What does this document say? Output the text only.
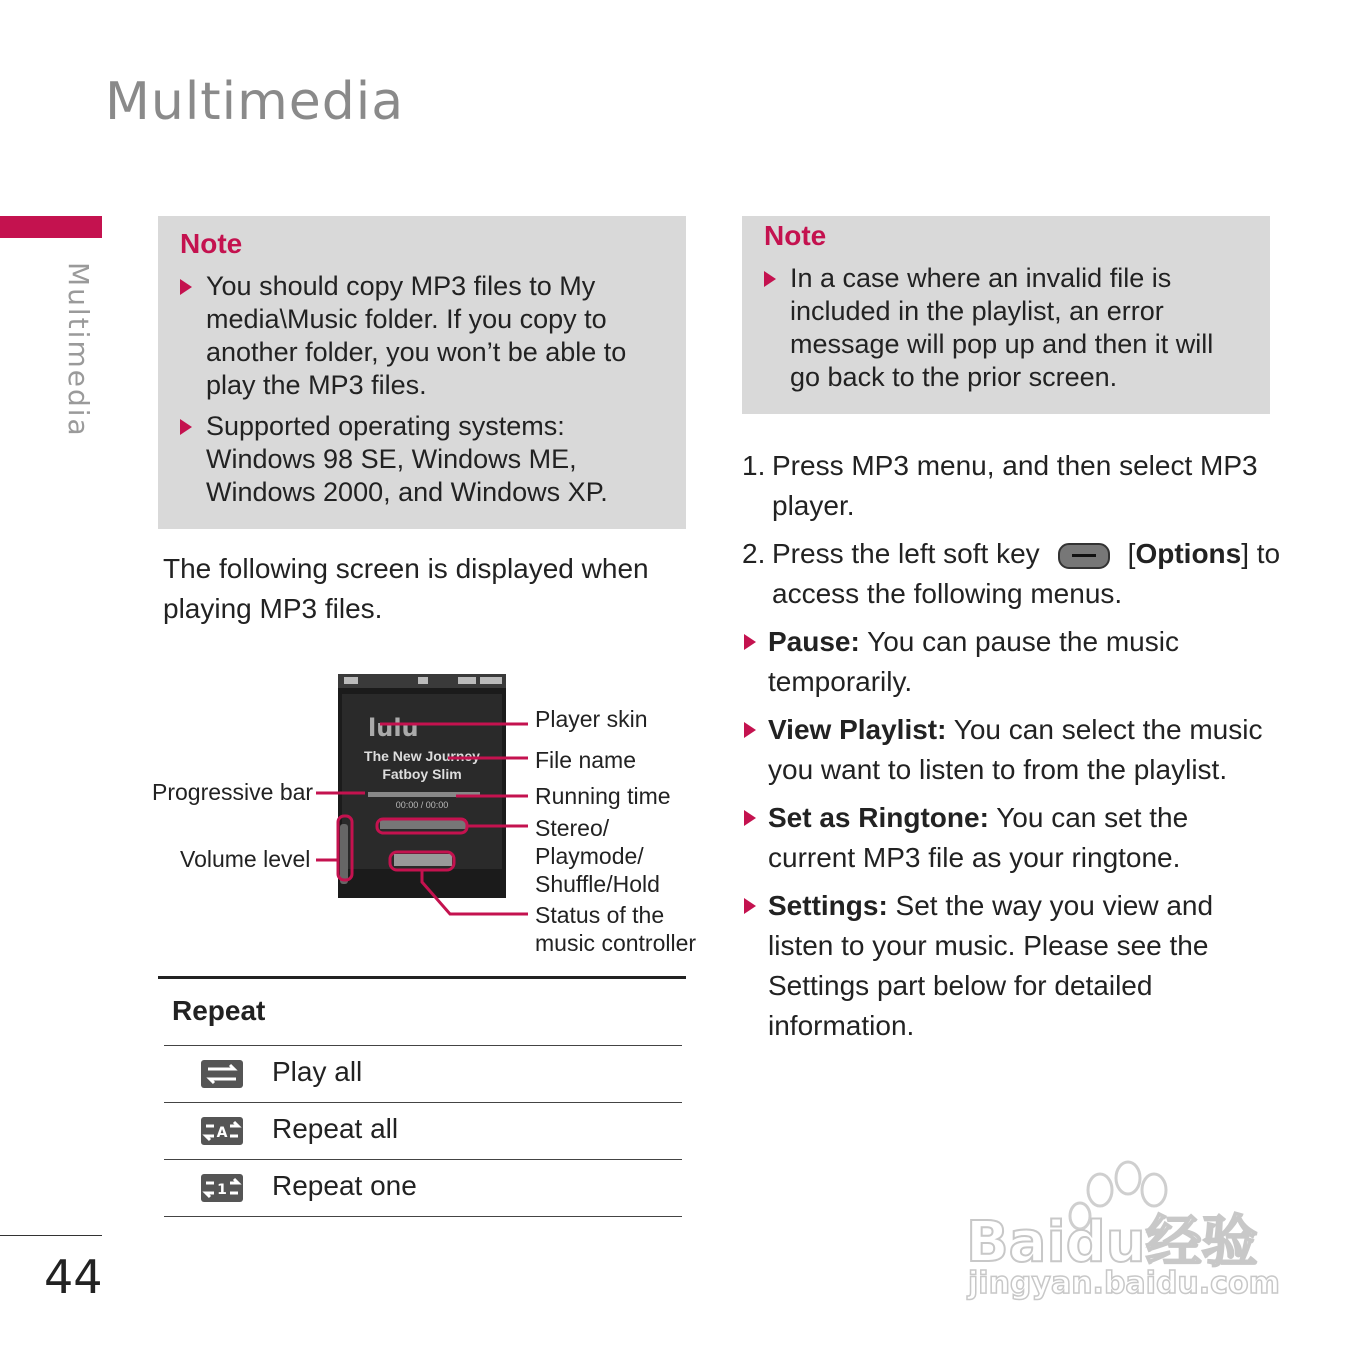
Multimedia
Multimedia
44
Note
You should copy MP3 files to My media\Music folder. If you copy to another folder, you won’t be able to play the MP3 files.
Supported operating systems: Windows 98 SE, Windows ME, Windows 2000, and Windows XP.
The following screen is displayed when playing MP3 files.
lulu
The New Journey
Fatboy Slim
00:00 / 00:00
Player skin
File name
Running time
Stereo/
Playmode/
Shuffle/Hold
Status of the
music controller
Progressive bar
Volume level
Repeat
Play all
A Repeat all
1 Repeat one
Note
In a case where an invalid file is included in the playlist, an error message will pop up and then it will go back to the prior screen.
1. Press MP3 menu, and then select MP3 player.
2. Press the left soft key	[Options] to access the following menus.
Pause: You can pause the music temporarily.
View Playlist: You can select the music you want to listen to from the playlist.
Set as Ringtone: You can set the current MP3 file as your ringtone.
Settings: Set the way you view and listen to your music. Please see the Settings part below for detailed information.
Baidu经验
jingyan.baidu.com
